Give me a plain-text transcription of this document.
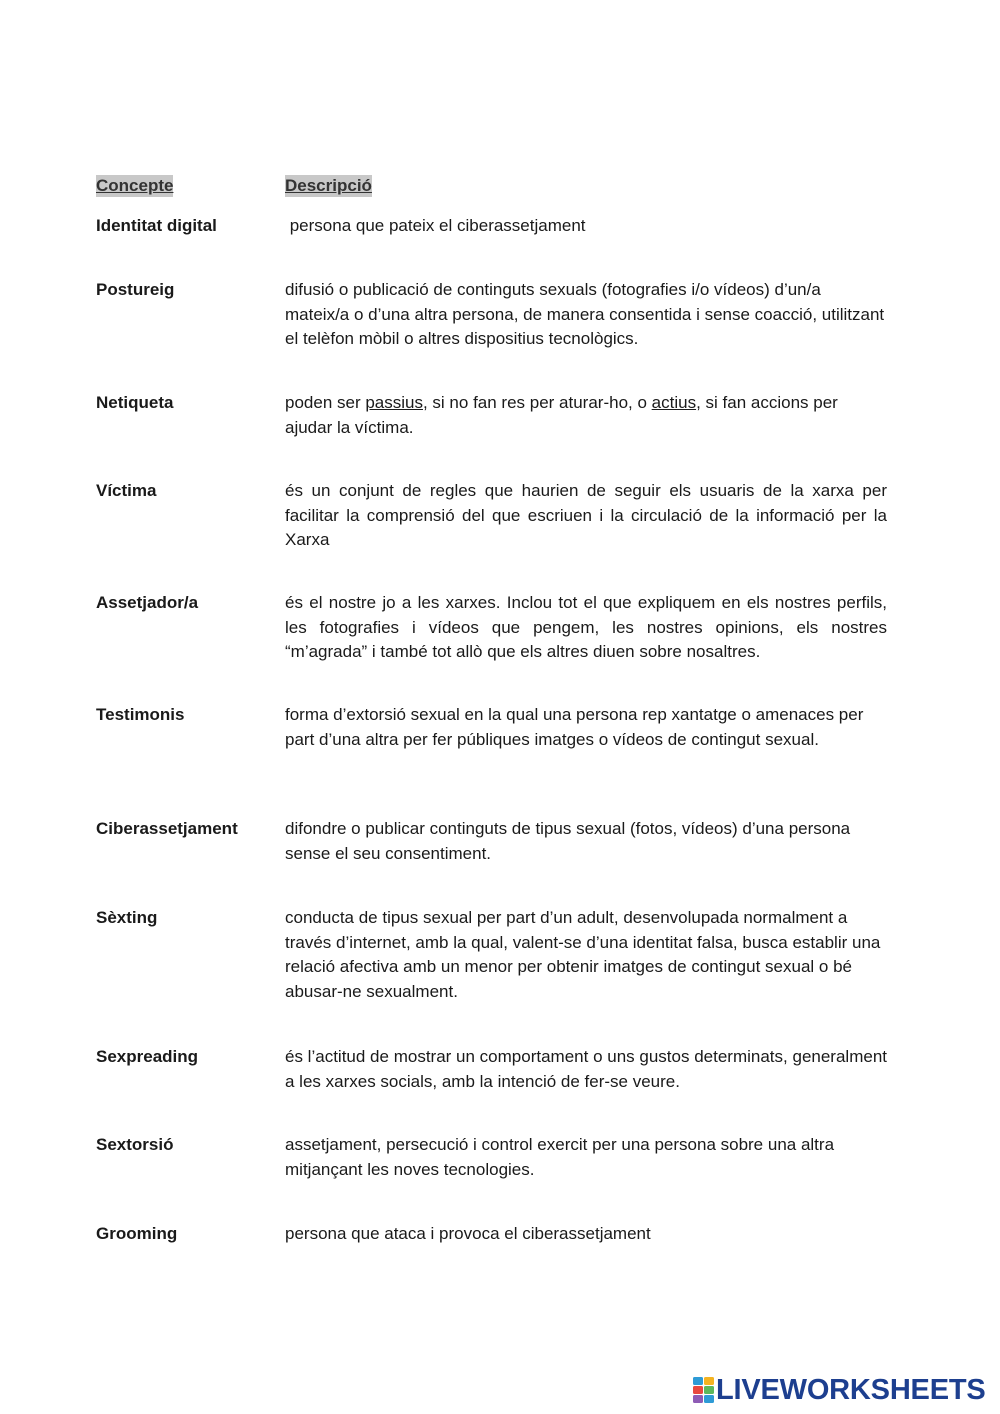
Concepte	Descripció
Identitat digital	persona que pateix el ciberassetjament
Postureig	difusió o publicació de continguts sexuals (fotografies i/o vídeos) d’un/a mateix/a o d’una altra persona, de manera consentida i sense coacció, utilitzant el telèfon mòbil o altres dispositius tecnològics.
Netiqueta	poden ser passius, si no fan res per aturar-ho, o actius, si fan accions per ajudar la víctima.
Víctima	és un conjunt de regles que haurien de seguir els usuaris de la xarxa per facilitar la comprensió del que escriuen i la circulació de la informació per la Xarxa
Assetjador/a	és el nostre jo a les xarxes. Inclou tot el que expliquem en els nostres perfils, les fotografies i vídeos que pengem, les nostres opinions, els nostres “m’agrada” i també tot allò que els altres diuen sobre nosaltres.
Testimonis	forma d’extorsió sexual en la qual una persona rep xantatge o amenaces per part d’una altra per fer públiques imatges o vídeos de contingut sexual.
Ciberassetjament	difondre o publicar continguts de tipus sexual (fotos, vídeos) d’una persona sense el seu consentiment.
Sèxting	conducta de tipus sexual per part d’un adult, desenvolupada normalment a través d’internet, amb la qual, valent-se d’una identitat falsa, busca establir una relació afectiva amb un menor per obtenir imatges de contingut sexual o bé abusar-ne sexualment.
Sexpreading	és l’actitud de mostrar un comportament o uns gustos determinats, generalment a les xarxes socials, amb la intenció de fer-se veure.
Sextorsió	assetjament, persecució i control exercit per una persona sobre una altra mitjançant les noves tecnologies.
Grooming	persona que ataca i provoca el ciberassetjament
LIVEWORKSHEETS
